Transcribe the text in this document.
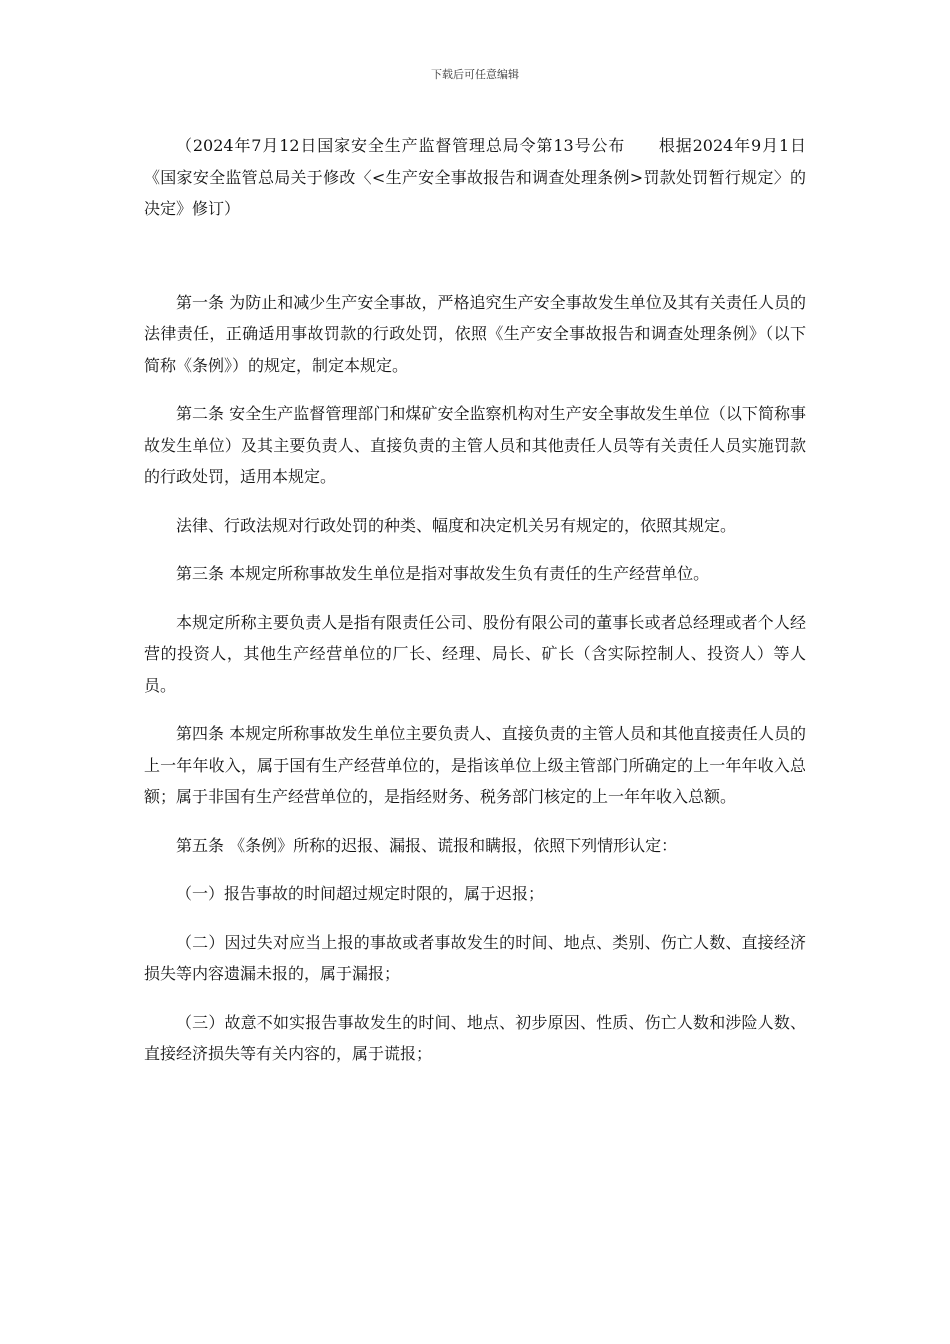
下载后可任意编辑

（2024年7月12日国家安全生产监督管理总局令第13号公布　　根据2024年9月1日《国家安全监管总局关于修改〈<生产安全事故报告和调查处理条例>罚款处罚暂行规定〉的决定》修订）

第一条 为防止和减少生产安全事故，严格追究生产安全事故发生单位及其有关责任人员的法律责任，正确适用事故罚款的行政处罚，依照《生产安全事故报告和调查处理条例》（以下简称《条例》）的规定，制定本规定。

第二条 安全生产监督管理部门和煤矿安全监察机构对生产安全事故发生单位（以下简称事故发生单位）及其主要负责人、直接负责的主管人员和其他责任人员等有关责任人员实施罚款的行政处罚，适用本规定。

法律、行政法规对行政处罚的种类、幅度和决定机关另有规定的，依照其规定。

第三条 本规定所称事故发生单位是指对事故发生负有责任的生产经营单位。

本规定所称主要负责人是指有限责任公司、股份有限公司的董事长或者总经理或者个人经营的投资人，其他生产经营单位的厂长、经理、局长、矿长（含实际控制人、投资人）等人员。

第四条 本规定所称事故发生单位主要负责人、直接负责的主管人员和其他直接责任人员的上一年年收入，属于国有生产经营单位的，是指该单位上级主管部门所确定的上一年年收入总额；属于非国有生产经营单位的，是指经财务、税务部门核定的上一年年收入总额。

第五条 《条例》所称的迟报、漏报、谎报和瞒报，依照下列情形认定：

（一）报告事故的时间超过规定时限的，属于迟报；

（二）因过失对应当上报的事故或者事故发生的时间、地点、类别、伤亡人数、直接经济损失等内容遗漏未报的，属于漏报；

（三）故意不如实报告事故发生的时间、地点、初步原因、性质、伤亡人数和涉险人数、直接经济损失等有关内容的，属于谎报；
